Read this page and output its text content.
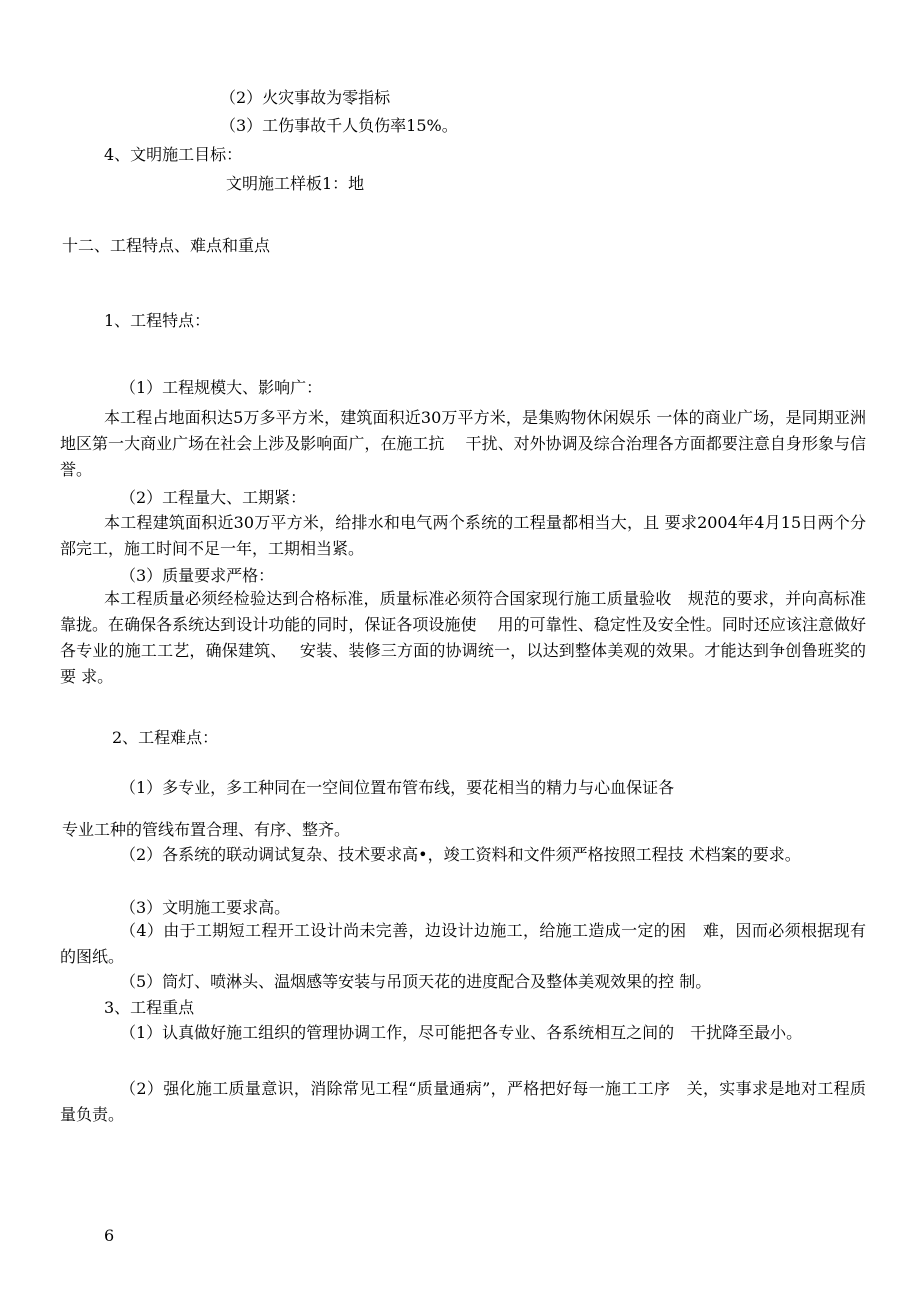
（2）火灾事故为零指标
（3）工伤事故千人负伤率15%。
4、文明施工目标：
文明施工样板1：地
十二、工程特点、难点和重点
1、工程特点：
（1）工程规模大、影响广：
本工程占地面积达5万多平方米，建筑面积近30万平方米，是集购物休闲娱乐 一体的商业广场，是同期亚洲地区第一大商业广场在社会上涉及影响面广，在施工抗　 干扰、对外协调及综合治理各方面都要注意自身形象与信誉。
（2）工程量大、工期紧：
本工程建筑面积近30万平方米，给排水和电气两个系统的工程量都相当大，且 要求2004年4月15日两个分部完工，施工时间不足一年，工期相当紧。
（3）质量要求严格：
本工程质量必须经检验达到合格标准，质量标准必须符合国家现行施工质量验收　规范的要求，并向高标准靠拢。在确保各系统达到设计功能的同时，保证各项设施使　 用的可靠性、稳定性及安全性。同时还应该注意做好各专业的施工工艺，确保建筑、　 安装、装修三方面的协调统一，以达到整体美观的效果。才能达到争创鲁班奖的要 求。
2、工程难点：
（1）多专业，多工种同在一空间位置布管布线，要花相当的精力与心血保证各
专业工种的管线布置合理、有序、整齐。
（2）各系统的联动调试复杂、技术要求高•，竣工资料和文件须严格按照工程技 术档案的要求。
（3）文明施工要求高。
（4）由于工期短工程开工设计尚未完善，边设计边施工，给施工造成一定的困　难，因而必须根据现有的图纸。
（5）筒灯、喷淋头、温烟感等安装与吊顶天花的进度配合及整体美观效果的控 制。
3、工程重点
（1）认真做好施工组织的管理协调工作，尽可能把各专业、各系统相互之间的　干扰降至最小。
（2）强化施工质量意识，消除常见工程“质量通病”，严格把好每一施工工序　关，实事求是地对工程质量负责。
6
